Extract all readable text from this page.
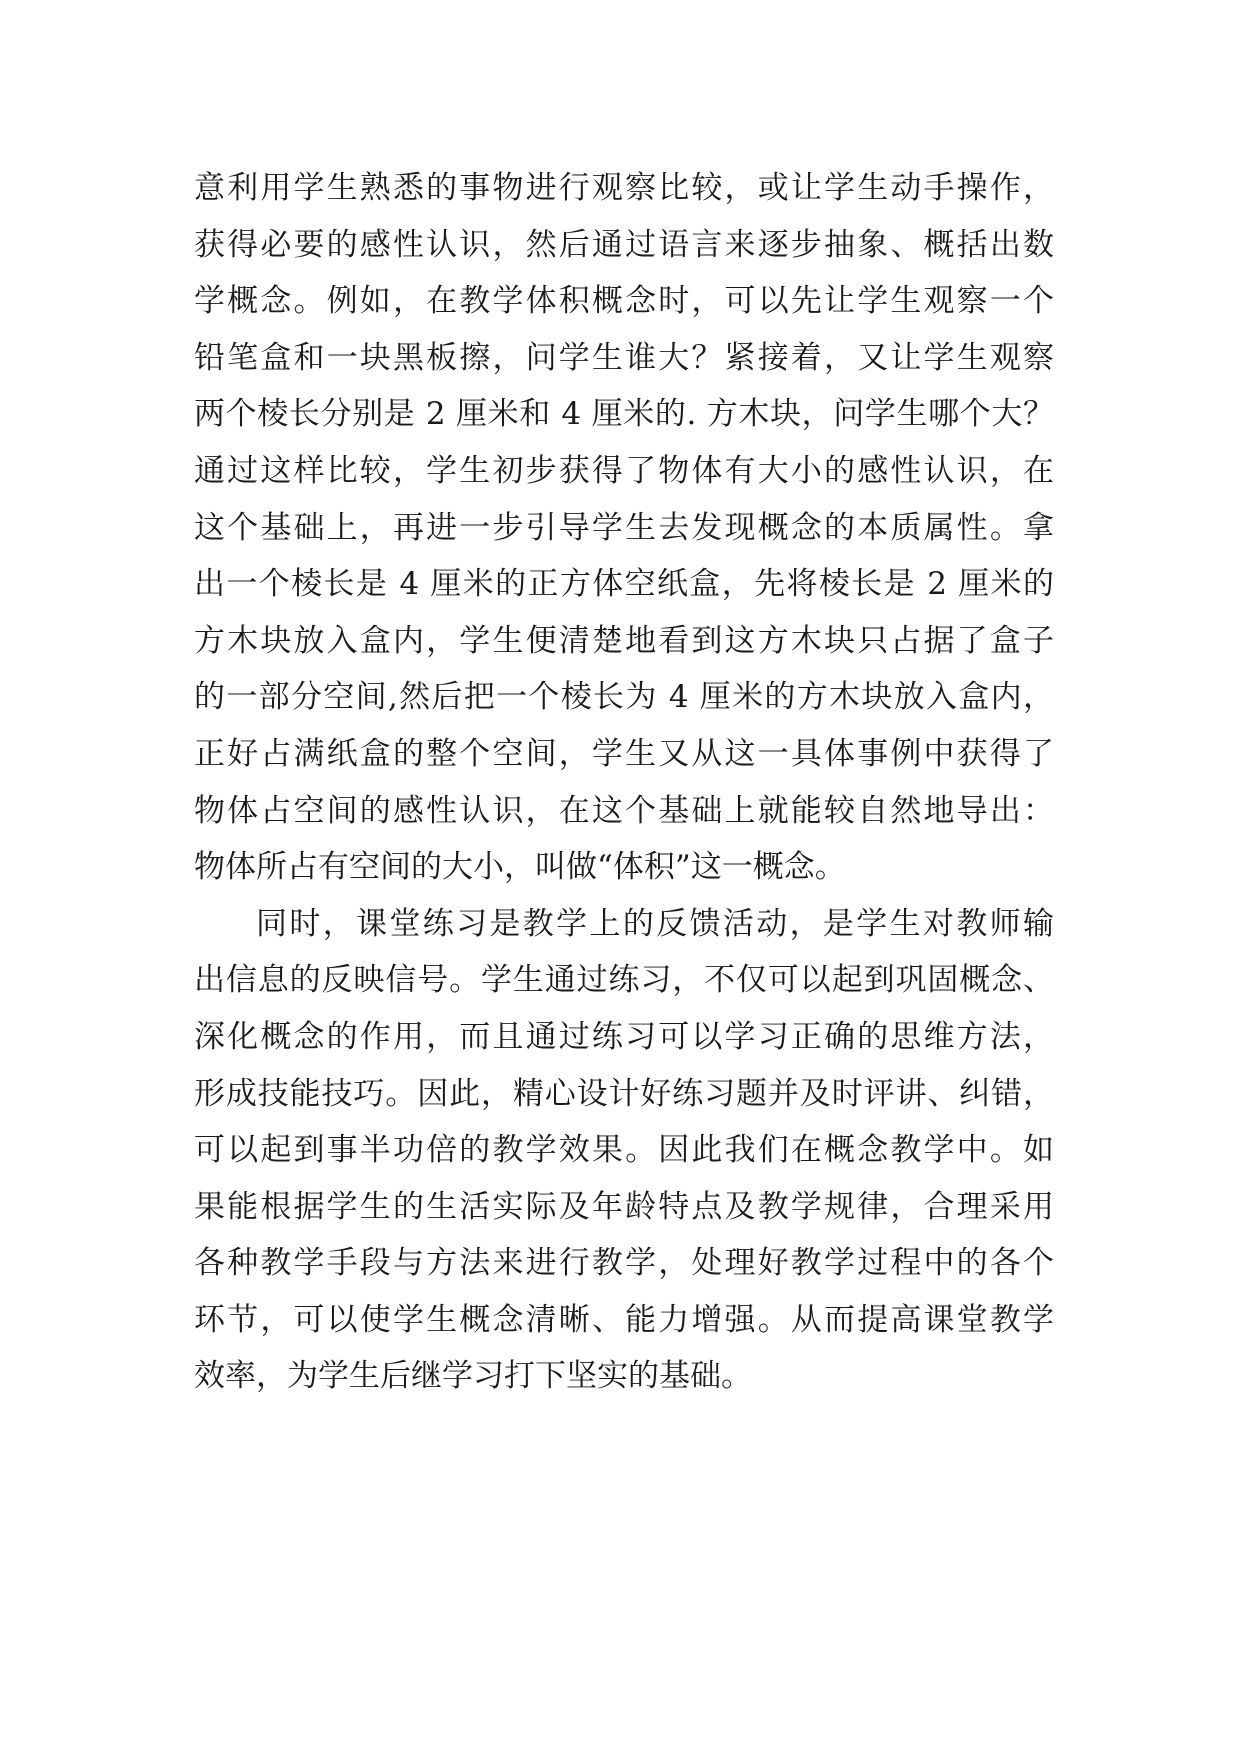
意利用学生熟悉的事物进行观察比较，或让学生动手操作，
获得必要的感性认识，然后通过语言来逐步抽象、概括出数
学概念。例如，在教学体积概念时，可以先让学生观察一个
铅笔盒和一块黑板擦，问学生谁大？紧接着，又让学生观察
两个棱长分别是 2 厘米和 4 厘米的. 方木块，问学生哪个大？
通过这样比较，学生初步获得了物体有大小的感性认识，在
这个基础上，再进一步引导学生去发现概念的本质属性。拿
出一个棱长是 4 厘米的正方体空纸盒，先将棱长是 2 厘米的
方木块放入盒内，学生便清楚地看到这方木块只占据了盒子
的一部分空间,然后把一个棱长为 4 厘米的方木块放入盒内，
正好占满纸盒的整个空间，学生又从这一具体事例中获得了
物体占空间的感性认识，在这个基础上就能较自然地导出：
物体所占有空间的大小，叫做“体积”这一概念。
同时，课堂练习是教学上的反馈活动，是学生对教师输
出信息的反映信号。学生通过练习，不仅可以起到巩固概念、
深化概念的作用，而且通过练习可以学习正确的思维方法，
形成技能技巧。因此，精心设计好练习题并及时评讲、纠错，
可以起到事半功倍的教学效果。因此我们在概念教学中。如
果能根据学生的生活实际及年龄特点及教学规律，合理采用
各种教学手段与方法来进行教学，处理好教学过程中的各个
环节，可以使学生概念清晰、能力增强。从而提高课堂教学
效率，为学生后继学习打下坚实的基础。
